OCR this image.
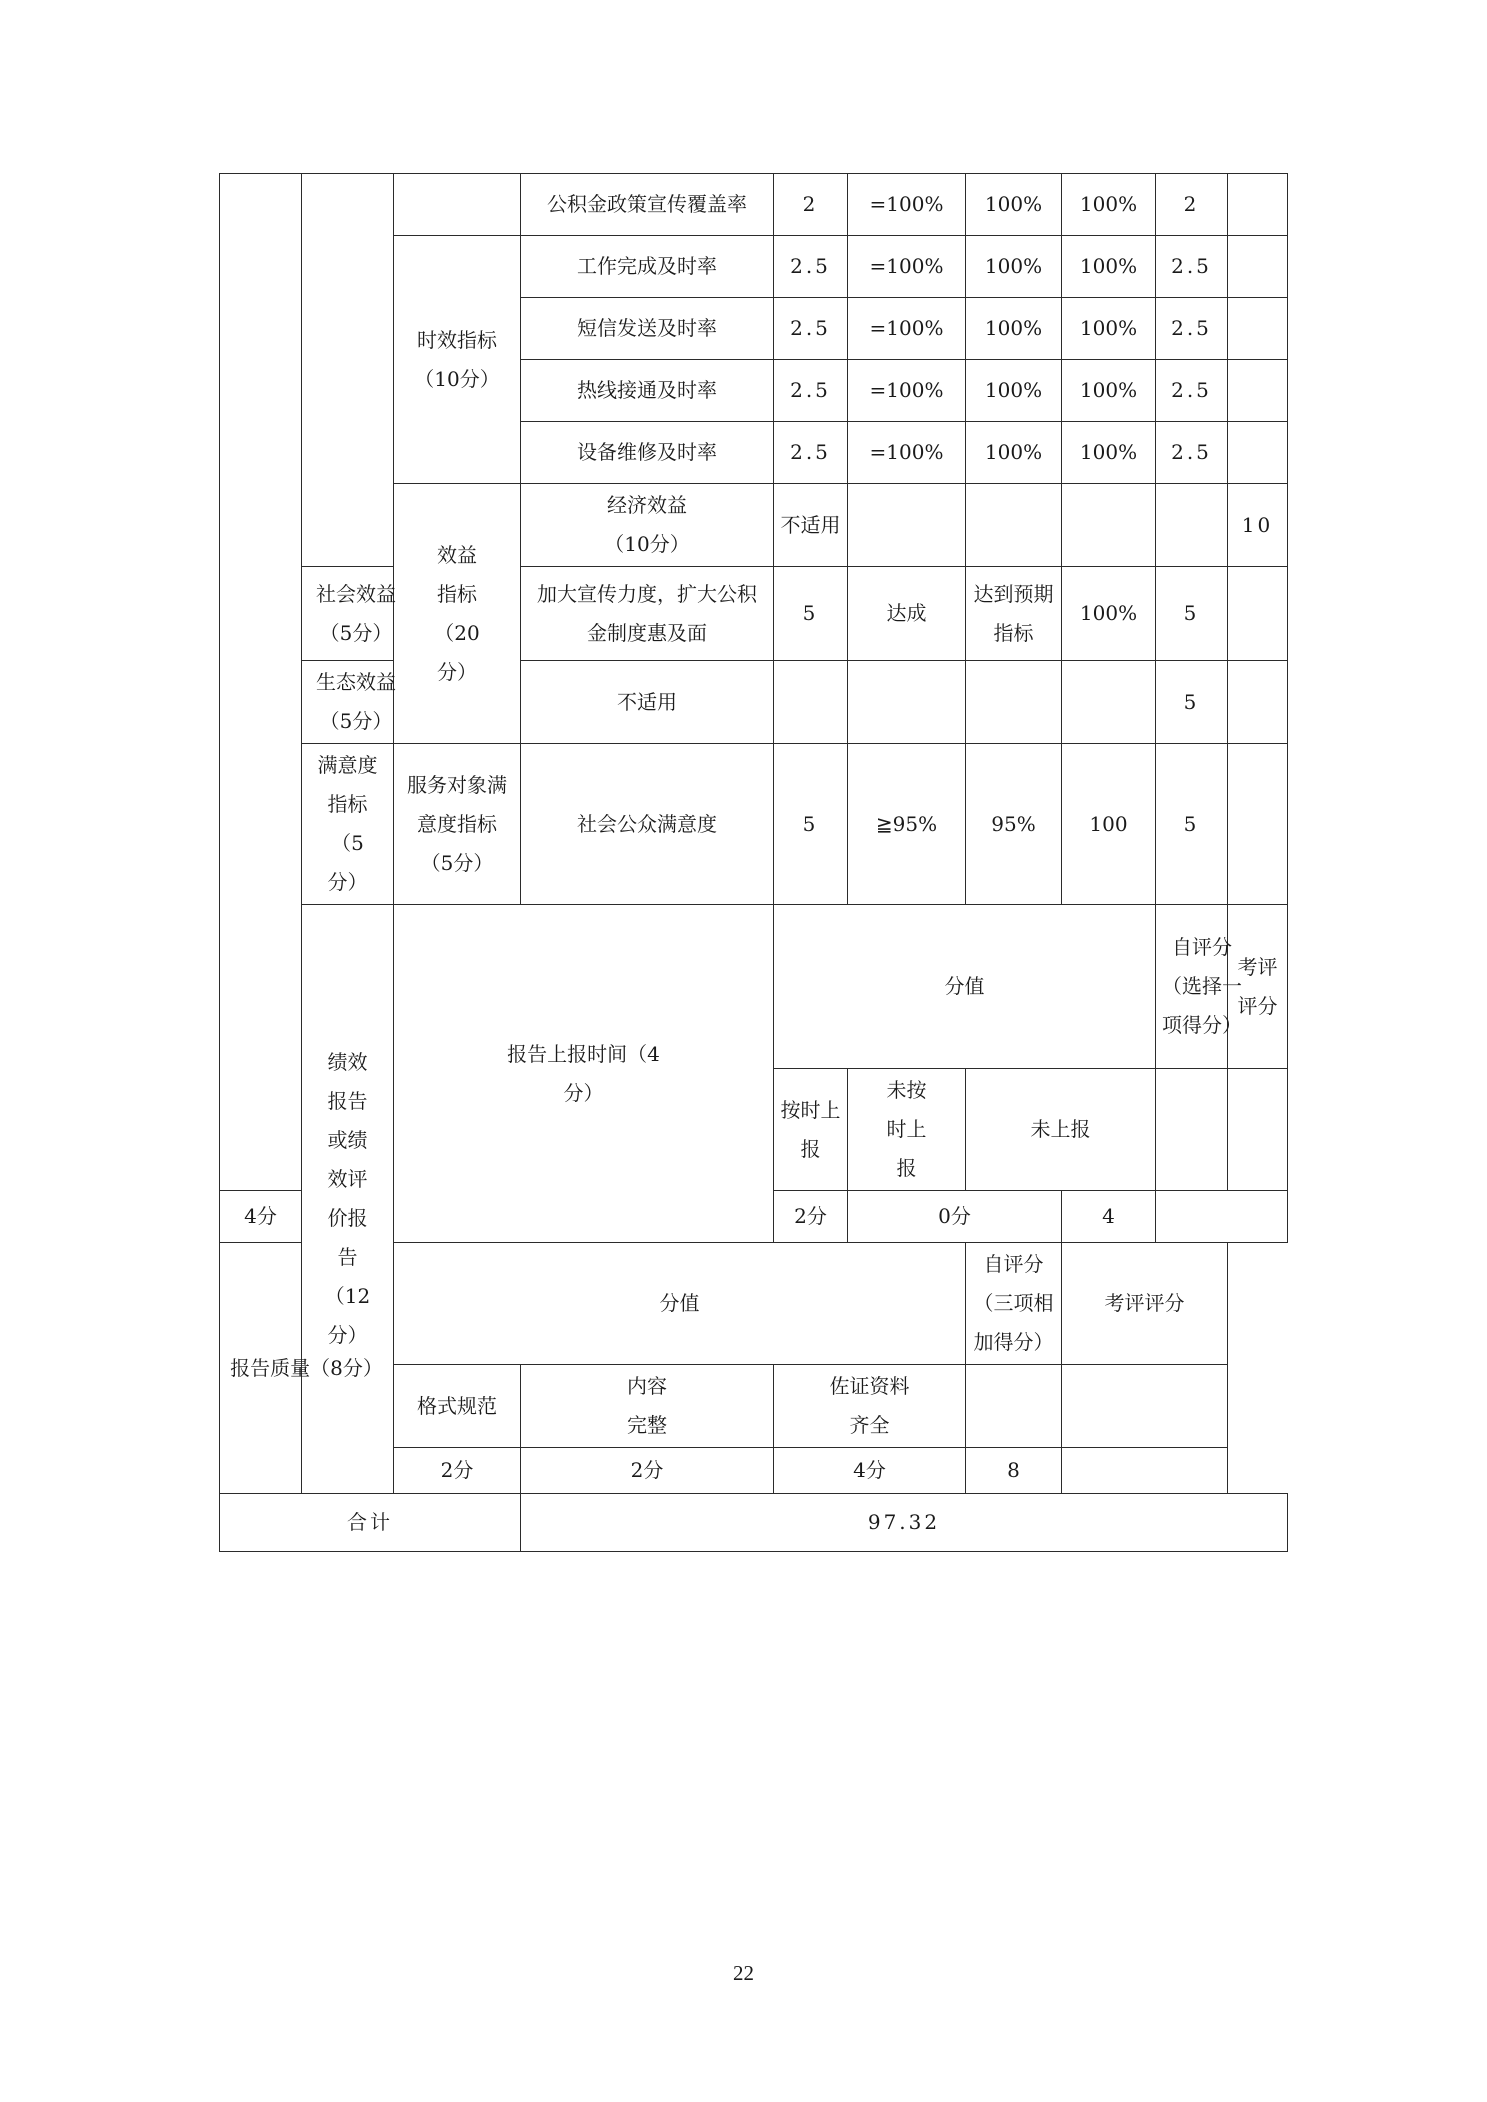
			公积金政策宣传覆盖率	2	=100%	100%	100%	2		

		时效指标（10分）	工作完成及时率	2.5	=100%	100%	100%	2.5		
			短信发送及时率	2.5	=100%	100%	100%	2.5		
			热线接通及时率	2.5	=100%	100%	100%	2.5		
			设备维修及时率	2.5	=100%	100%	100%	2.5		

		效益指标（20分）	经济效益（10分）	不适用					10	

	社会效益（5分）		加大宣传力度，扩大公积金制度惠及面	5	达成	达到预期指标	100%	5		

	生态效益（5分）		不适用					5		

	满意度指标（5分）	服务对象满意度指标（5分）	社会公众满意度	5	≧95%	95%	100	5		

	绩效报告或绩效评价报告（12分）	报告上报时间（4分）		分值				自评分（选择一项得分）	考评评分	

				按时上报	未按时上报	未上报				
4分				2分	0分		4			
报告质量（8分）		分值				自评分（三项相加得分）	考评评分			
		格式规范	内容完整	佐证资料齐全						

		2分	2分	4分		8				
合计			97.32							
22
